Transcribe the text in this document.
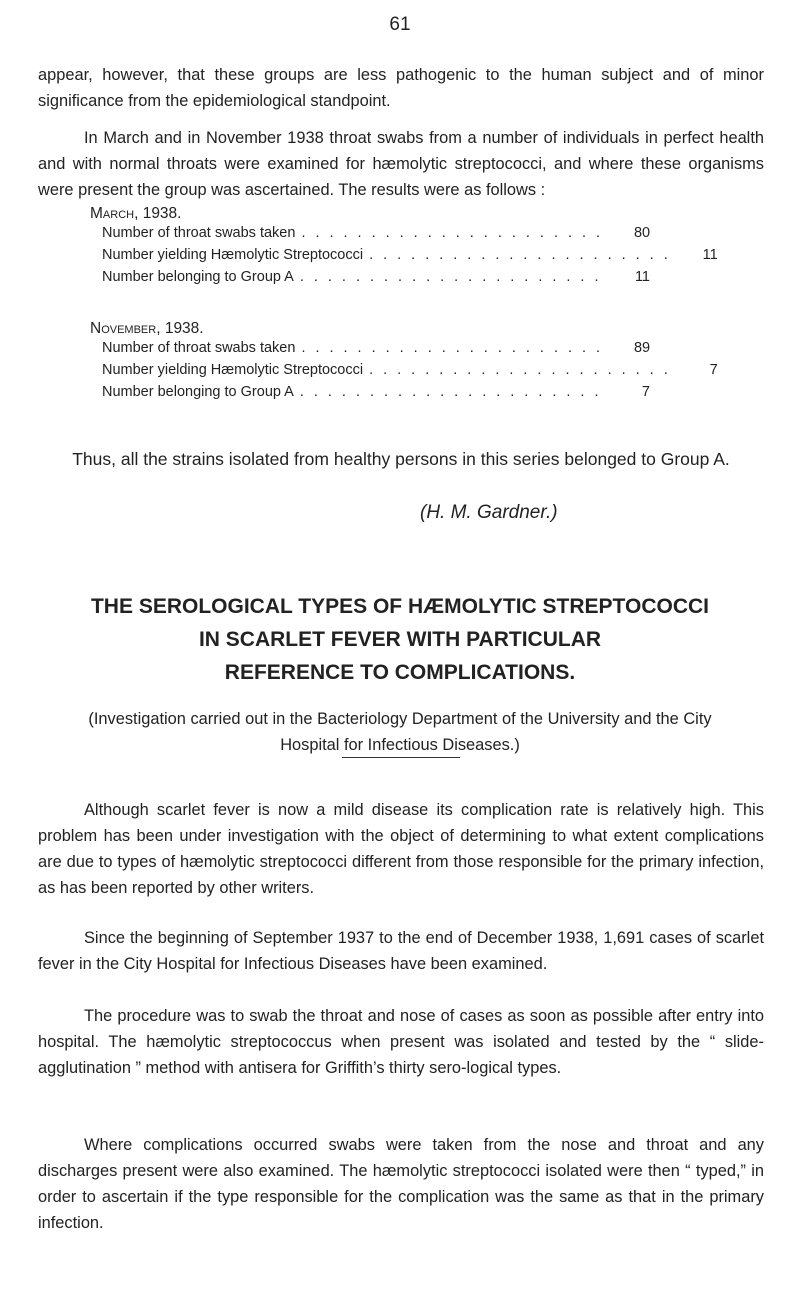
61

appear, however, that these groups are less pathogenic to the human subject and of minor significance from the epidemiological standpoint.

In March and in November 1938 throat swabs from a number of individuals in perfect health and with normal throats were examined for hæmolytic streptococci, and where these organisms were present the group was ascertained. The results were as follows :

March, 1938.
Number of throat swabs taken ......................	80
Number yielding Hæmolytic Streptococci ......................	11
Number belonging to Group A ......................	11
November, 1938.
Number of throat swabs taken ......................	89
Number yielding Hæmolytic Streptococci ......................	7
Number belonging to Group A ......................	7

Thus, all the strains isolated from healthy persons in this series belonged to Group A.

(H. M. Gardner.)
THE SEROLOGICAL TYPES OF HÆMOLYTIC STREPTOCOCCI
IN SCARLET FEVER WITH PARTICULAR
REFERENCE TO COMPLICATIONS.
(Investigation carried out in the Bacteriology Department of the University and the City Hospital for Infectious Diseases.)

Although scarlet fever is now a mild disease its complication rate is relatively high. This problem has been under investigation with the object of determining to what extent complications are due to types of hæmolytic streptococci different from those responsible for the primary infection, as has been reported by other writers.

Since the beginning of September 1937 to the end of December 1938, 1,691 cases of scarlet fever in the City Hospital for Infectious Diseases have been examined.

The procedure was to swab the throat and nose of cases as soon as possible after entry into hospital. The hæmolytic streptococcus when present was isolated and tested by the “ slide-agglutination ” method with antisera for Griffith’s thirty sero-logical types.

Where complications occurred swabs were taken from the nose and throat and any discharges present were also examined. The hæmolytic streptococci isolated were then “ typed,” in order to ascertain if the type responsible for the complication was the same as that in the primary infection.
